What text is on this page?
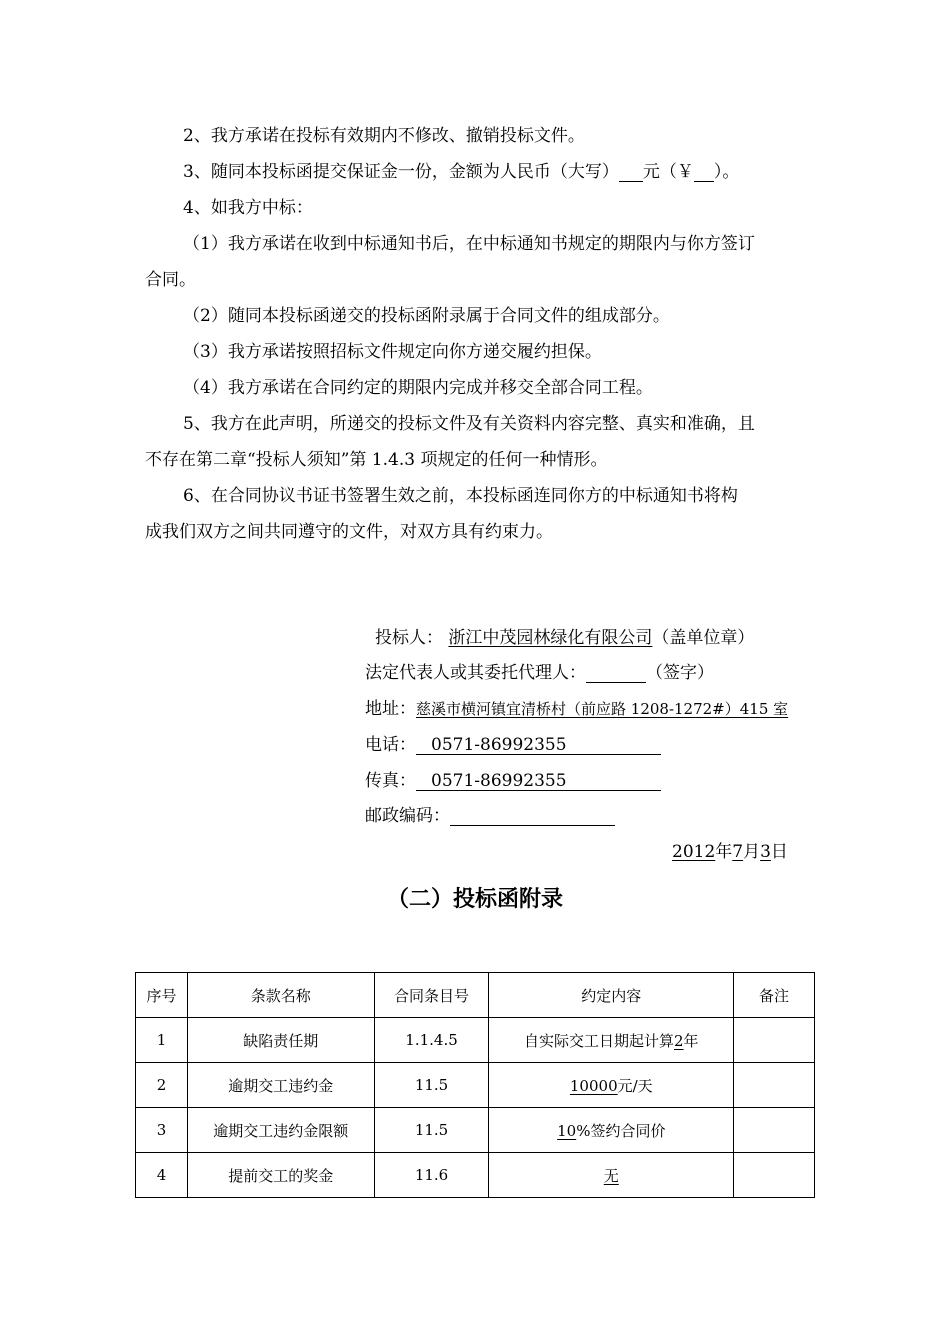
2、我方承诺在投标有效期内不修改、撤销投标文件。
3、随同本投标函提交保证金一份，金额为人民币（大写） 元（￥ ）。
4、如我方中标：
（1）我方承诺在收到中标通知书后，在中标通知书规定的期限内与你方签订
合同。
（2）随同本投标函递交的投标函附录属于合同文件的组成部分。
（3）我方承诺按照招标文件规定向你方递交履约担保。
（4）我方承诺在合同约定的期限内完成并移交全部合同工程。
5、我方在此声明，所递交的投标文件及有关资料内容完整、真实和准确，且
不存在第二章“投标人须知”第 1.4.3 项规定的任何一种情形。
6、在合同协议书证书签署生效之前，本投标函连同你方的中标通知书将构
成我们双方之间共同遵守的文件，对双方具有约束力。
投标人： 浙江中茂园林绿化有限公司（盖单位章）
法定代表人或其委托代理人：	（签字）
地址：慈溪市横河镇宜清桥村（前应路 1208-1272#）415 室
电话： 0571-86992355
传真： 0571-86992355
邮政编码：
2012年7月3日
（二）投标函附录
序号	条款名称	合同条目号	约定内容	备注
1	缺陷责任期	1.1.4.5	自实际交工日期起计算2年	
2	逾期交工违约金	11.5	10000元/天	
3	逾期交工违约金限额	11.5	10%签约合同价	
4	提前交工的奖金	11.6	无	
